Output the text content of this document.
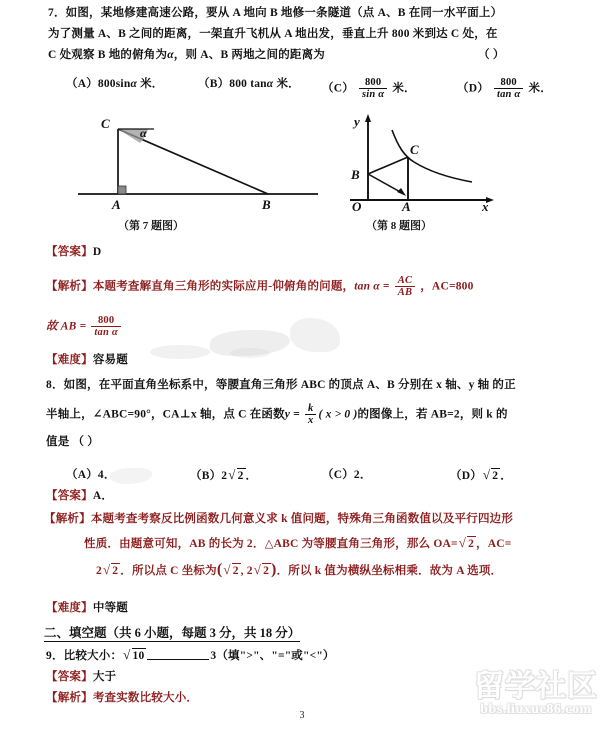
7．如图，某地修建高速公路，要从 A 地向 B 地修一条隧道（点 A、B 在同一水平面上）
为了测量 A、B 之间的距离，一架直升飞机从 A 地出发，垂直上升 800 米到达 C 处，在
C 处观察 B 地的俯角为α，则 A、B 两地之间的距离为	（ ）
（A）800sinα 米．	（B）800 tanα 米． $(C) \frac{800}{\text{sin α}}$ 米．	$(D) \frac{800}{\text{tan α}}$ 米．
C
A	B
α
（第 7 题图）
y
x
O	A
B
C
（第 8 题图）
【答案】D
【解析】本题考查解直角三角形的实际应用-仰俯角的问题，$\tan \alpha = \frac{AC}{AB}$ ，AC=800
故 AB = $\frac{800}{\text{tan α}}$
【难度】容易题
8．如图，在平面直角坐标系中，等腰直角三角形 ABC 的顶点 A、B 分别在 x 轴、y 轴 的正
半轴上，∠ABC=90°，CA⊥x 轴，点 C 在函数$y = \frac{k}{x}$ ( x > 0 )的图像上，若 AB=2，则 k 的
值是 （ ）
（A）4．	（B）2√ 2 ．	（C）2．	（D）√ 2 ．
【答案】A．
【解析】本题考查考察反比例函数几何意义求 k 值问题，特殊角三角函数值以及平行四边形
性质．由题意可知，AB 的长为 2．△ABC 为等腰直角三角形，那么 OA=√ 2 ，AC=
2√ 2 ．所以点 C 坐标为(√ 2 , 2√ 2 )．所以 k 值为横纵坐标相乘．故为 A 选项．
【难度】中等题
二、填空题（共 6 小题，每题 3 分，共 18 分）
9．比较大小：√ 10	3（填">"、"="或"<"）
【答案】大于
【解析】考查实数比较大小．	留学社区
bbs.liuxue86.com
3
